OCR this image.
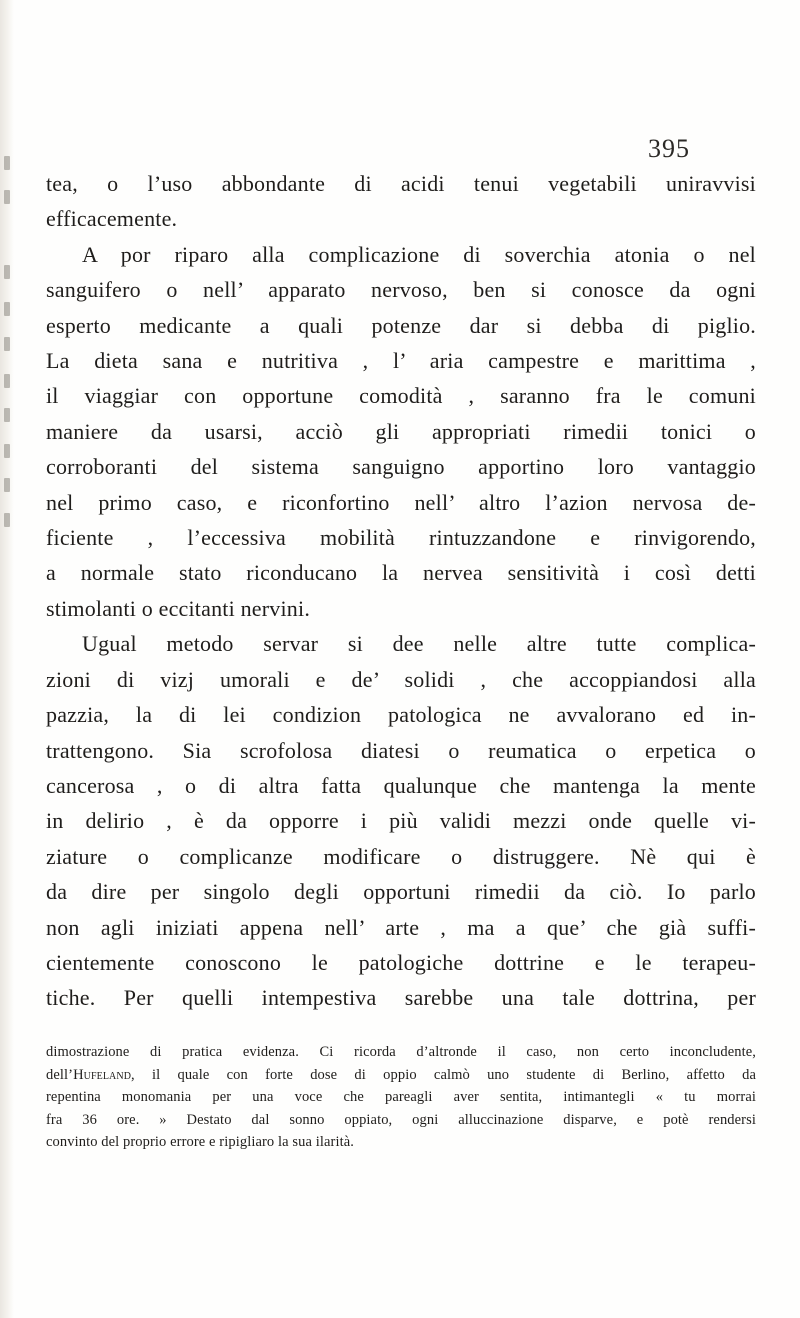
395
tea, o l’uso abbondante di acidi tenui vegetabili uniravvisi
efficacemente.
A por riparo alla complicazione di soverchia atonia o nel
sanguifero o nell’ apparato nervoso, ben si conosce da ogni
esperto medicante a quali potenze dar si debba di piglio.
La dieta sana e nutritiva , l’ aria campestre e marittima ,
il viaggiar con opportune comodità , saranno fra le comuni
maniere da usarsi, acciò gli appropriati rimedii tonici o
corroboranti del sistema sanguigno apportino loro vantaggio
nel primo caso, e riconfortino nell’ altro l’azion nervosa de-
ficiente , l’eccessiva mobilità rintuzzandone e rinvigorendo,
a normale stato riconducano la nervea sensitività i così detti
stimolanti o eccitanti nervini.
Ugual metodo servar si dee nelle altre tutte complica-
zioni di vizj umorali e de’ solidi , che accoppiandosi alla
pazzia, la di lei condizion patologica ne avvalorano ed in-
trattengono. Sia scrofolosa diatesi o reumatica o erpetica o
cancerosa , o di altra fatta qualunque che mantenga la mente
in delirio , è da opporre i più validi mezzi onde quelle vi-
ziature o complicanze modificare o distruggere. Nè qui è
da dire per singolo degli opportuni rimedii da ciò. Io parlo
non agli iniziati appena nell’ arte , ma a que’ che già suffi-
cientemente conoscono le patologiche dottrine e le terapeu-
tiche. Per quelli intempestiva sarebbe una tale dottrina, per
dimostrazione di pratica evidenza. Ci ricorda d’altronde il caso, non certo inconcludente,
dell’Hufeland, il quale con forte dose di oppio calmò uno studente di Berlino, affetto da
repentina monomania per una voce che pareagli aver sentita, intimantegli « tu morrai
fra 36 ore. » Destato dal sonno oppiato, ogni alluccinazione disparve, e potè rendersi
convinto del proprio errore e ripigliaro la sua ilarità.
